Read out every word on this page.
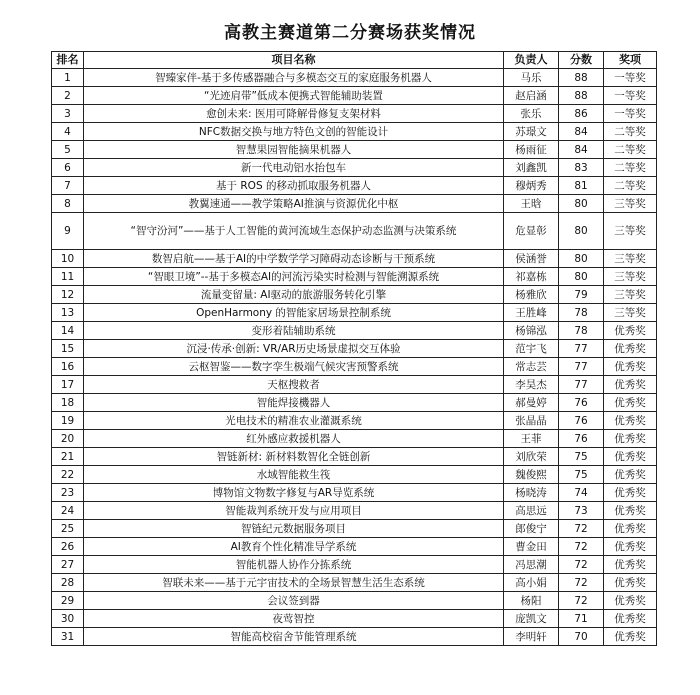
高教主赛道第二分赛场获奖情况
排名	项目名称	负责人	分数	奖项
1	智臻家伴-基于多传感器融合与多模态交互的家庭服务机器人	马乐	88	一等奖
2	“光迹肩带”低成本便携式智能辅助装置	赵启涵	88	一等奖
3	愈创未来: 医用可降解骨修复支架材料	张乐	86	一等奖
4	NFC数据交换与地方特色文创的智能设计	苏璟文	84	二等奖
5	智慧果园智能摘果机器人	杨雨征	84	二等奖
6	新一代电动铝水抬包车	刘鑫凯	83	二等奖
7	基于 ROS 的移动抓取服务机器人	穆炳秀	81	二等奖
8	教翼速通——教学策略AI推演与资源优化中枢	王晗	80	三等奖
9	“智守汾河”——基于人工智能的黄河流域生态保护动态监测与决策系统	危显彰	80	三等奖
10	数智启航——基于AI的中学数学学习障碍动态诊断与干预系统	侯涵誉	80	三等奖
11	“智眼卫境”--基于多模态AI的河流污染实时检测与智能溯源系统	祁嘉栋	80	三等奖
12	流量变留量: AI驱动的旅游服务转化引擎	杨雅欣	79	三等奖
13	OpenHarmony 的智能家居场景控制系统	王胜峰	78	三等奖
14	变形着陆辅助系统	杨锦泓	78	优秀奖
15	沉浸·传承·创新: VR/AR历史场景虚拟交互体验	范宇飞	77	优秀奖
16	云枢智鉴——数字孪生极端气候灾害预警系统	常志芸	77	优秀奖
17	天枢搜救者	李昊杰	77	优秀奖
18	智能焊接機器人	郝曼婷	76	优秀奖
19	光电技术的精准农业灌溉系统	张晶晶	76	优秀奖
20	红外感应救援机器人	王菲	76	优秀奖
21	智链新材: 新材料数智化全链创新	刘欣荣	75	优秀奖
22	水域智能救生筏	魏俊熙	75	优秀奖
23	博物馆文物数字修复与AR导览系统	杨晓涛	74	优秀奖
24	智能裁判系统开发与应用项目	高思远	73	优秀奖
25	智链纪元数据服务项目	郎俊宁	72	优秀奖
26	AI教育个性化精准导学系统	曹金田	72	优秀奖
27	智能机器人协作分拣系统	冯思潮	72	优秀奖
28	智联未来——基于元宇宙技术的全场景智慧生活生态系统	高小娟	72	优秀奖
29	会议签到器	杨阳	72	优秀奖
30	夜莺智控	庞凯文	71	优秀奖
31	智能高校宿舍节能管理系统	李明轩	70	优秀奖
